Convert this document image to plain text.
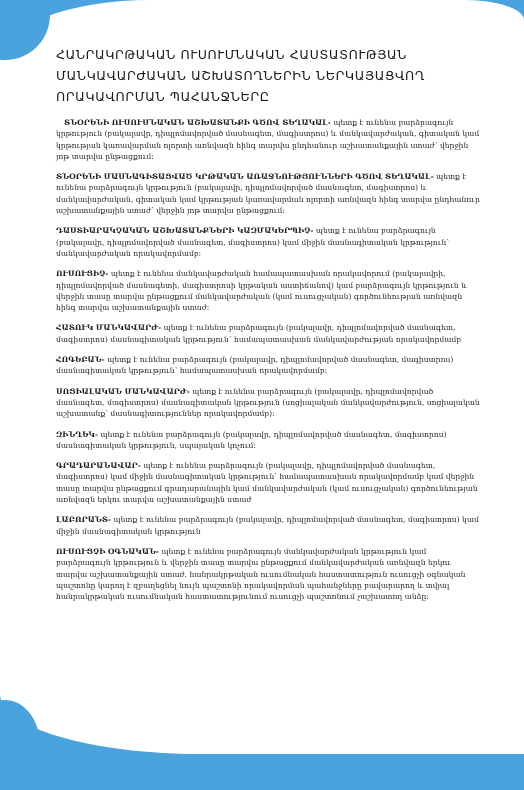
ՀԱՆՐԱԿՐԹԱԿԱՆ ՈՒՍՈՒՄՆԱԿԱՆ ՀԱՍՏԱՏՈՒԹՅԱՆ
ՄԱՆԿԱՎԱՐԺԱԿԱՆ ԱՇԽԱՏՈՂՆԵՐԻՆ ՆԵՐԿԱՅԱՑՎՈՂ
ՈՐԱԿԱՎՈՐՄԱՆ ՊԱՀԱՆՋՆԵՐԸ

ՏՆՕՐԵՆԻ ՈՒՍՈՒՄՆԱԿԱՆ ԱՇԽԱՏԱՆՔԻ ԳԾՈՎ ՏԵՂԱԿԱԼ- պետք է ունենա բարձրագույն կրթություն (բակալավր, դիպլոմավորված մասնագետ, մագիստրոս) և մանկավարժական, գիտական կամ կրթության կառավարման ոլորտի առնվազն հինգ տարվա ընդհանուր աշխատանքային ստաժ՝ վերջին յոթ տարվա ընթացքում:

ՏՆՕՐԵՆԻ ՄԱՍՆԱԳԻՏԱՑՎԱԾ ԿՐԹԱԿԱՆ ԱՌԱՋՆՈՒԹՅՈՒՆՆԵՐԻ ԳԾՈՎ ՏԵՂԱԿԱԼ- պետք է ունենա բարձրագույն կրթություն (բակալավր, դիպլոմավորված մասնագետ, մագիստրոս) և մանկավարժական, գիտական կամ կրթության կառավարման ոլորտի առնվազն հինգ տարվա ընդհանուր աշխատանքային ստաժ՝ վերջին յոթ տարվա ընթացքում:

ԴԱՍՏԻԱՐԱԿՉԱԿԱՆ ԱՇԽԱՏԱՆՔՆԵՐԻ ԿԱԶՄԱԿԵՐՊԻՉ- պետք է ունենա բարձրագույն (բակալավր, դիպլոմավորված մասնագետ, մագիստրոս) կամ միջին մասնագիտական կրթություն՝ մանկավարժական որակավորմամբ:

ՈՒՍՈՒՑԻՉ- պետք է ունենա մանկավարժական համապատասխան որակավորում (բակալավրի, դիպլոմավորված մասնագետի, մագիստրոսի կրթական աստիճանով) կամ բարձրագույն կրթություն և վերջին տասը տարվա ընթացքում մանկավարժական (կամ ուսուցչական) գործունեության առնվազն հինգ տարվա աշխատանքային ստաժ:

ՀԱՏՈՒԿ ՄԱՆԿԱՎԱՐԺ- պետք է ունենա բարձրագույն (բակալավր, դիպլոմավորված մասնագետ, մագիստրոս) մասնագիտական կրթություն՝ համապատասխան մանկավարժության որակավորմամբ

ՀՈԳԵԲԱՆ- պետք է ունենա բարձրագույն (բակալավր, դիպլոմավորված մասնագետ, մագիստրոս) մասնագիտական կրթություն՝ համապատասխան որակավորմամբ:

ՍՈՑԻԱԼԱԿԱՆ ՄԱՆԿԱՎԱՐԺ- պետք է ունենա բարձրագույն (բակալավր, դիպլոմավորված մասնագետ, մագիստրոս) մասնագիտական կրթություն (սոցիալական մանկավարժություն, սոցիալական աշխատանք՝ մասնագիտություններ որակավորմամբ):

ԶԻՆՂԵԿ- պետք է ունենա բարձրագույն (բակալավր, դիպլոմավորված մասնագետ, մագիստրոս) մասնագիտական կրթություն, սպայական կոչում:

ԳՐԱԴԱՐԱՆԱՎԱՐ- պետք է ունենա բարձրագույն (բակալավր, դիպլոմավորված մասնագետ, մագիստրոս) կամ միջին մասնագիտական կրթություն՝ համապատասխան որակավորմամբ կամ վերջին տասը տարվա ընթացքում գրադարանային կամ մանկավարժական (կամ ուսուցչական) գործունեության առնվազն երկու տարվա աշխատանքային ստաժ

ԼԱԲՈՐԱՆՏ- պետք է ունենա բարձրագույն (բակալավր, դիպլոմավորված մասնագետ, մագիստրոս) կամ միջին մասնագիտական կրթություն

ՈՒՍՈՒՑՉԻ ՕԳՆԱԿԱՆ- պետք է ունենա բարձրագույն մանկավարժական կրթություն կամ բարձրագույն կրթություն և վերջին տասը տարվա ընթացքում մանկավարժական առնվազն երկու տարվա աշխատանքային ստաժ. հանրակրթական ուսումնական հաստատություն ուսուցչի օգնական պաշտոնը կարող է զբաղեցնել նույն պաշտոնի որակավորման պահանջները բավարարող և տվյալ հանրակրթական ուսումնական հաստատությունում ուսուցչի պաշտոնում չաշխատող անձը:
